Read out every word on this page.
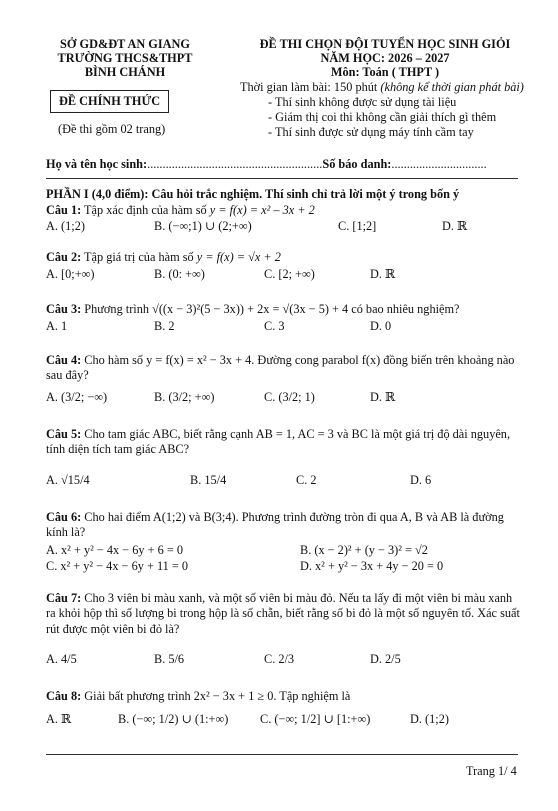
SỞ GD&ĐT AN GIANG
TRƯỜNG THCS&THPT
BÌNH CHÁNH
ĐỀ CHÍNH THỨC
(Đề thi gồm 02 trang)
ĐỀ THI CHỌN ĐỘI TUYỂN HỌC SINH GIỎI
NĂM HỌC: 2026 – 2027
Môn: Toán ( THPT )
Thời gian làm bài: 150 phút (không kể thời gian phát bài)
- Thí sinh không được sử dụng tài liệu
- Giám thị coi thi không cần giải thích gì thêm
- Thí sinh được sử dụng máy tính cầm tay
Họ và tên học sinh:.........................................................Số báo danh:...............................
PHẦN I (4,0 điểm): Câu hỏi trắc nghiệm. Thí sinh chỉ trả lời một ý trong bốn ý
Câu 1: Tập xác định của hàm số y = f(x) = x² – 3x + 2
A. (1;2)	B. (−∞;1) ∪ (2;+∞)	C. [1;2]	D. ℝ
Câu 2: Tập giá trị của hàm số y = f(x) = √x + 2
A. [0;+∞)	B. (0: +∞)	C. [2; +∞)	D. ℝ
Câu 3: Phương trình √((x − 3)²(5 − 3x)) + 2x = √(3x − 5) + 4 có bao nhiêu nghiệm?
A. 1	B. 2	C. 3	D. 0
Câu 4: Cho hàm số y = f(x) = x² − 3x + 4. Đường cong parabol f(x) đồng biến trên khoảng nào sau đây?
A. (3/2; −∞)	B. (3/2; +∞)	C. (3/2; 1)	D. ℝ
Câu 5: Cho tam giác ABC, biết rằng cạnh AB = 1, AC = 3 và BC là một giá trị độ dài nguyên, tính diện tích tam giác ABC?
A. √15/4	B. 15/4	C. 2	D. 6
Câu 6: Cho hai điểm A(1;2) và B(3;4). Phương trình đường tròn đi qua A, B và AB là đường kính là?
A. x² + y² − 4x − 6y + 6 = 0	B. (x − 2)² + (y − 3)² = √2
C. x² + y² − 4x − 6y + 11 = 0	D. x² + y² − 3x + 4y − 20 = 0
Câu 7: Cho 3 viên bi màu xanh, và một số viên bi màu đỏ. Nếu ta lấy đi một viên bi màu xanh ra khỏi hộp thì số lượng bi trong hộp là số chẵn, biết rằng số bi đỏ là một số nguyên tố. Xác suất rút được một viên bi đỏ là?
A. 4/5	B. 5/6	C. 2/3	D. 2/5
Câu 8: Giải bất phương trình 2x² − 3x + 1 ≥ 0. Tập nghiệm là
A. ℝ	B. (−∞; 1/2) ∪ (1:+∞)	C. (−∞; 1/2] ∪ [1:+∞)	D. (1;2)
Trang 1/ 4
